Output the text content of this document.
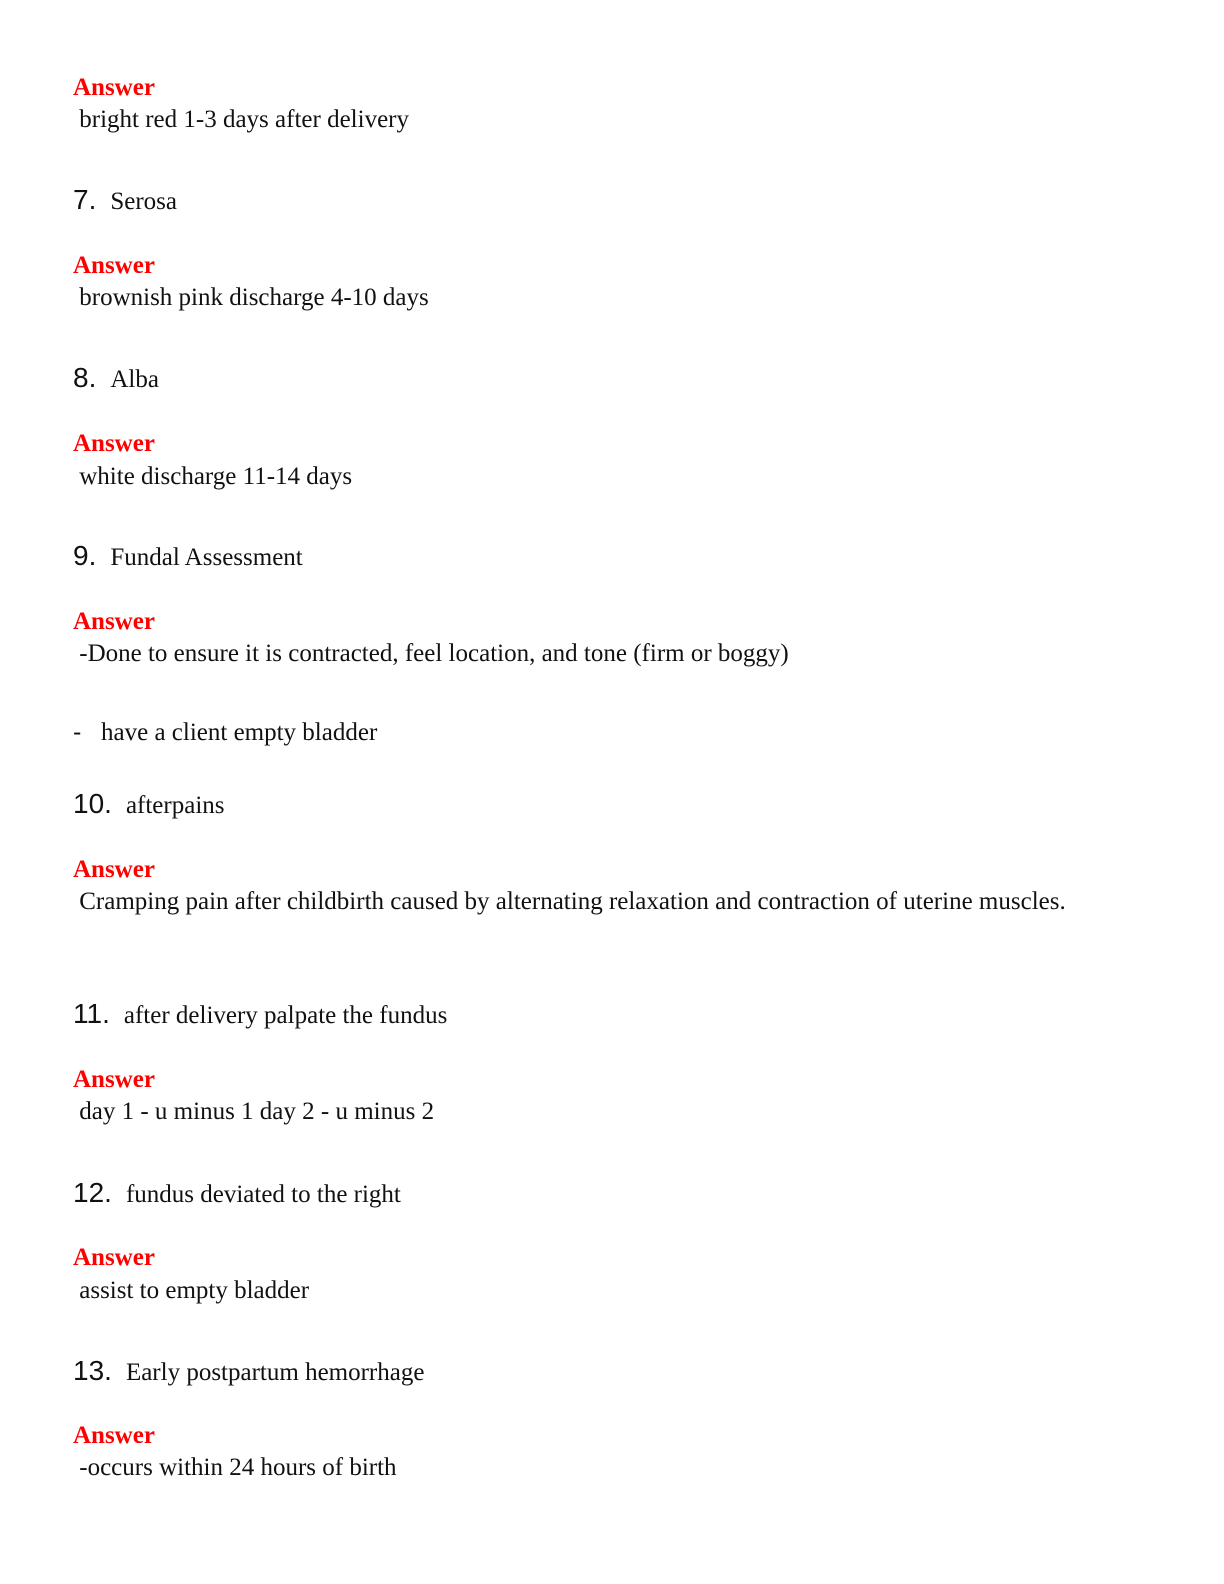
Answer
bright red 1-3 days after delivery
7. Serosa
Answer
brownish pink discharge 4-10 days
8. Alba
Answer
white discharge 11-14 days
9. Fundal Assessment
Answer
-Done to ensure it is contracted, feel location, and tone (firm or boggy)
- have a client empty bladder
10. afterpains
Answer
Cramping pain after childbirth caused by alternating relaxation and contraction of uterine muscles.
11. after delivery palpate the fundus
Answer
day 1 - u minus 1 day 2 - u minus 2
12. fundus deviated to the right
Answer
assist to empty bladder
13. Early postpartum hemorrhage
Answer
-occurs within 24 hours of birth
